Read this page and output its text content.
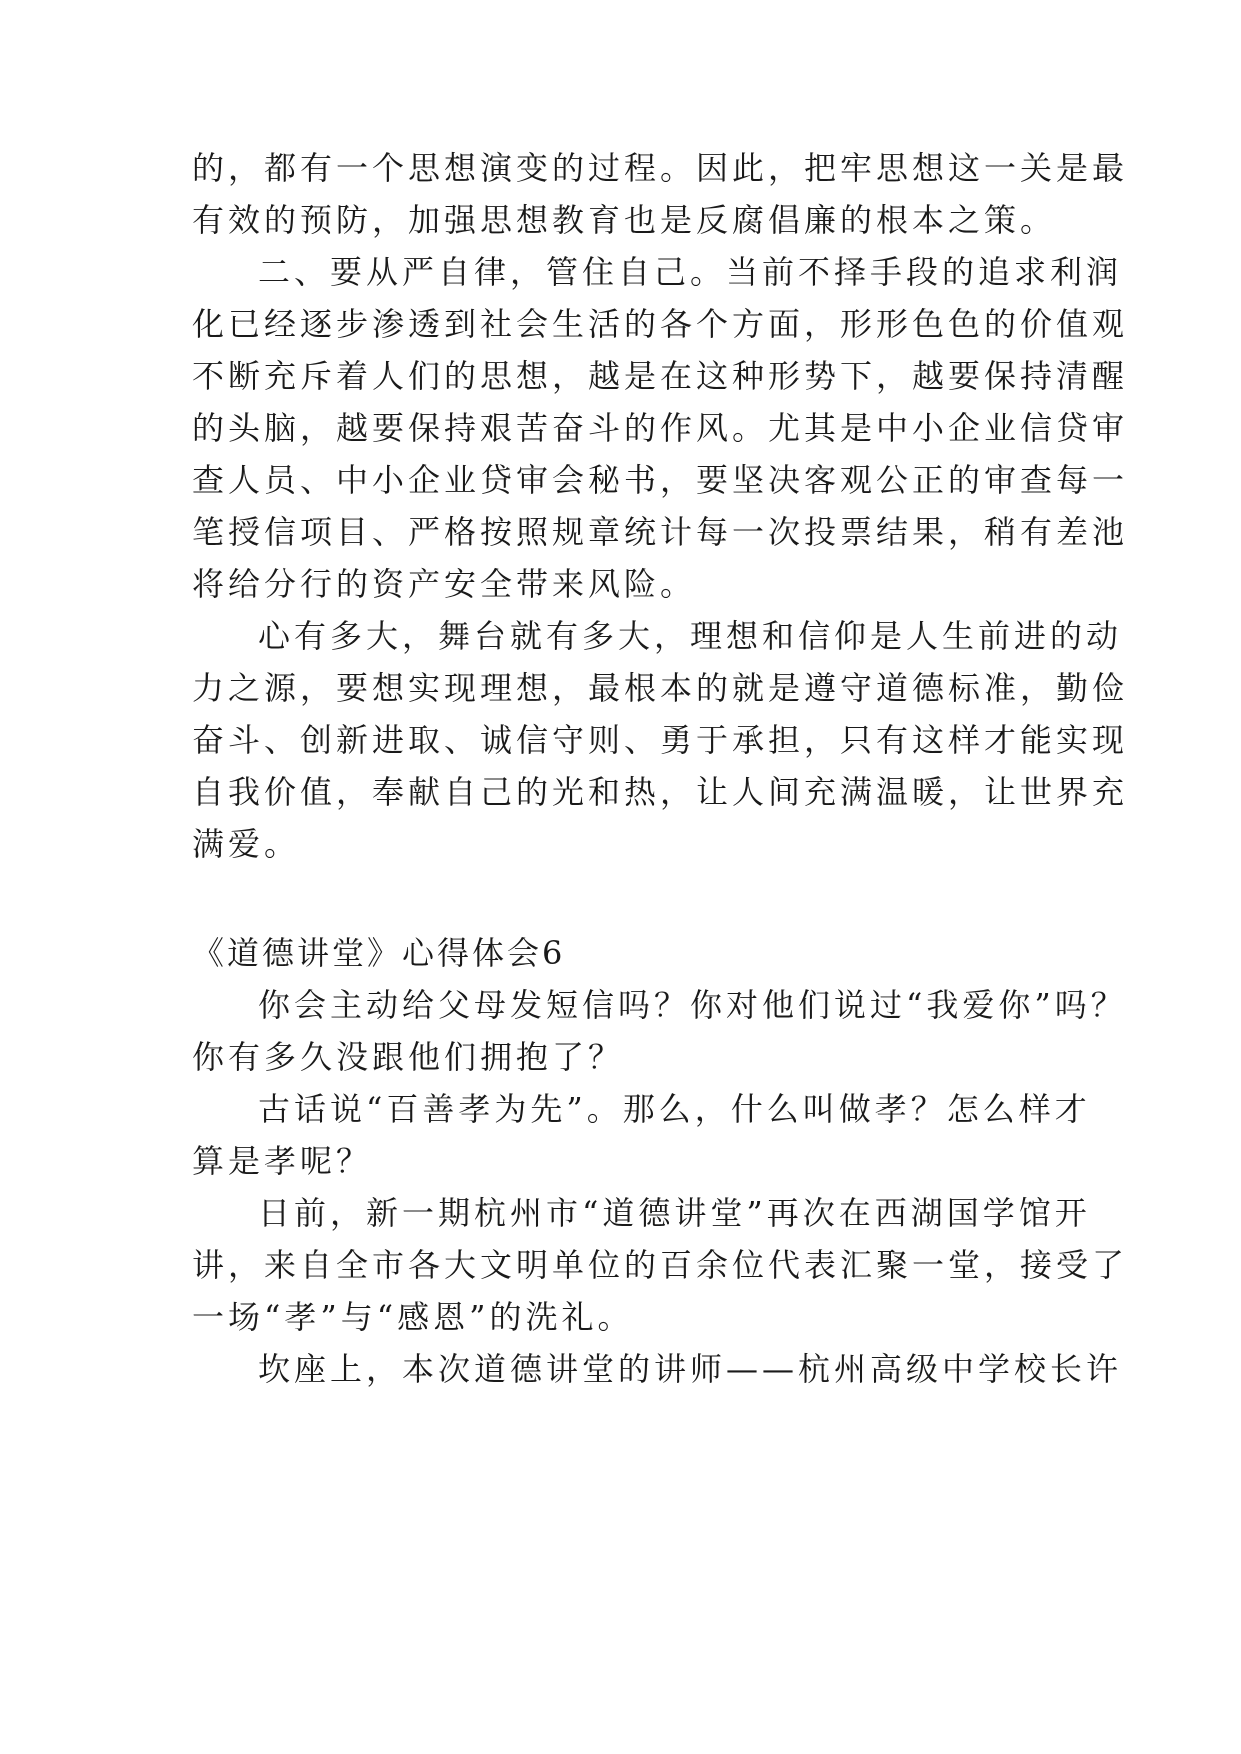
的，都有一个思想演变的过程。因此，把牢思想这一关是最
有效的预防，加强思想教育也是反腐倡廉的根本之策。
二、要从严自律，管住自己。当前不择手段的追求利润
化已经逐步渗透到社会生活的各个方面，形形色色的价值观
不断充斥着人们的思想，越是在这种形势下，越要保持清醒
的头脑，越要保持艰苦奋斗的作风。尤其是中小企业信贷审
查人员、中小企业贷审会秘书，要坚决客观公正的审查每一
笔授信项目、严格按照规章统计每一次投票结果，稍有差池
将给分行的资产安全带来风险。
心有多大，舞台就有多大，理想和信仰是人生前进的动
力之源，要想实现理想，最根本的就是遵守道德标准，勤俭
奋斗、创新进取、诚信守则、勇于承担，只有这样才能实现
自我价值，奉献自己的光和热，让人间充满温暖，让世界充
满爱。
《道德讲堂》心得体会6
你会主动给父母发短信吗？你对他们说过“我爱你”吗？
你有多久没跟他们拥抱了？
古话说“百善孝为先”。那么，什么叫做孝？怎么样才
算是孝呢？
日前，新一期杭州市“道德讲堂”再次在西湖国学馆开
讲，来自全市各大文明单位的百余位代表汇聚一堂，接受了
一场“孝”与“感恩”的洗礼。
坎座上，本次道德讲堂的讲师——杭州高级中学校长许
